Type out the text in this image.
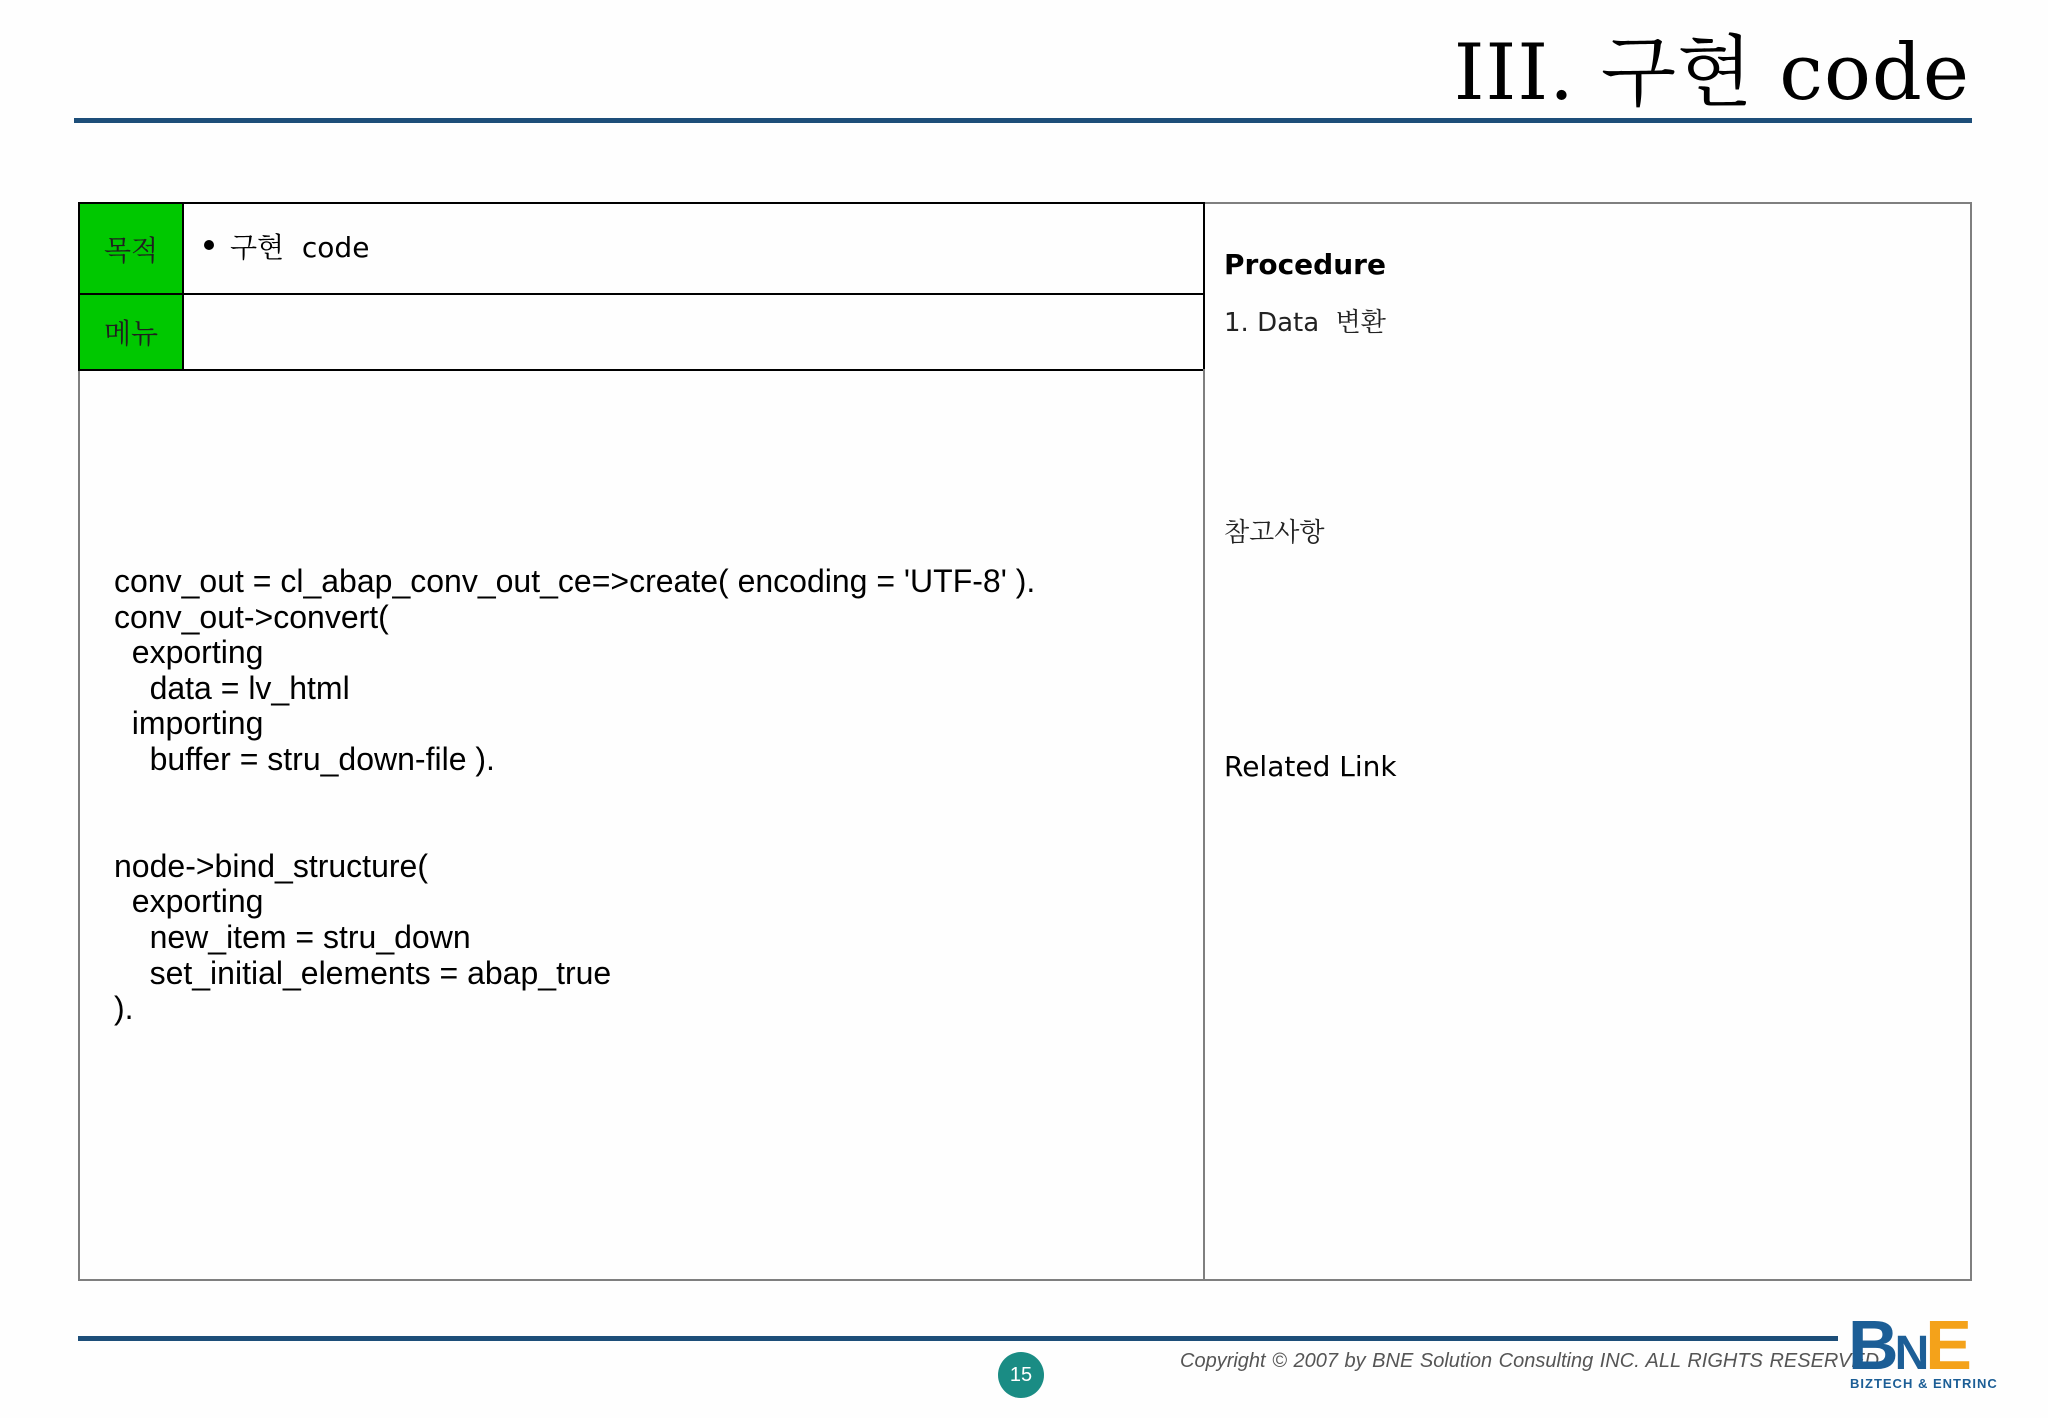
III. 구현 code
목적	구현  code
메뉴
conv_out = cl_abap_conv_out_ce=>create( encoding = 'UTF-8' ).
conv_out->convert(
exporting
data = lv_html
importing
buffer = stru_down-file ).

node->bind_structure(
exporting
new_item = stru_down
set_initial_elements = abap_true
).
Procedure
1. Data  변환
참고사항
Related Link
15
Copyright © 2007 by BNE Solution Consulting INC. ALL RIGHTS RESERVED.
BNE
BIZTECH & ENTRINC
